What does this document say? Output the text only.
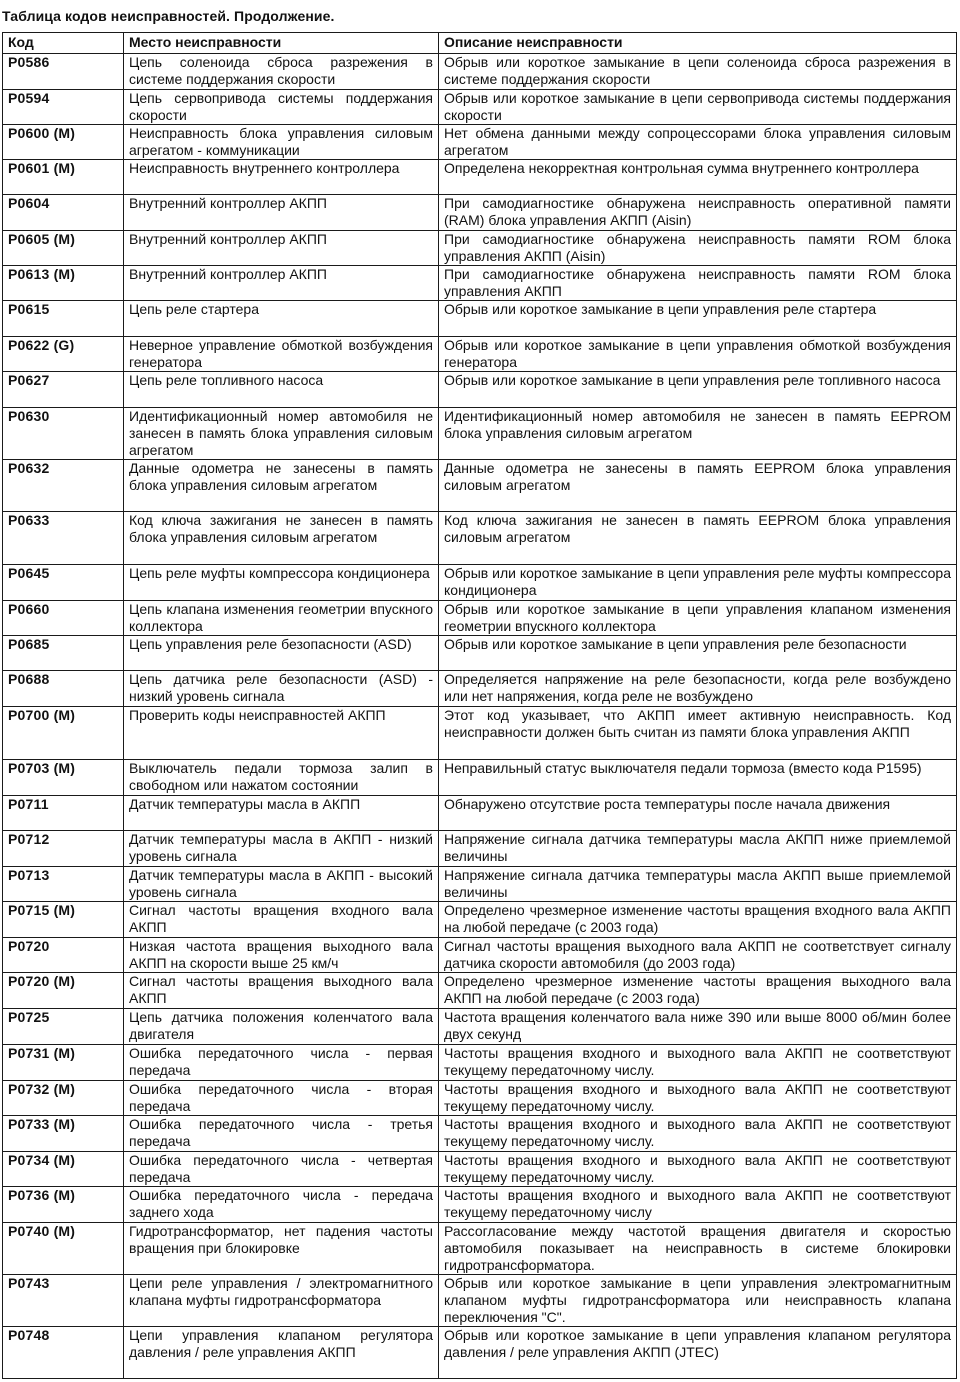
Таблица кодов неисправностей. Продолжение.
Код	Место неисправности	Описание неисправности
P0586	Цепь соленоида сброса разрежения в системе поддержания скорости	Обрыв или короткое замыкание в цепи соленоида сброса разрежения в системе поддержания скорости
P0594	Цепь сервопривода системы поддержания скорости	Обрыв или короткое замыкание в цепи сервопривода системы поддержания скорости
P0600 (M)	Неисправность блока управления силовым агрегатом - коммуникации	Нет обмена данными между сопроцессорами блока управления силовым агрегатом
P0601 (M)	Неисправность внутреннего контроллера	Определена некорректная контрольная сумма внутреннего контроллера
P0604	Внутренний контроллер АКПП	При самодиагностике обнаружена неисправность оперативной памяти (RAM) блока управления АКПП (Aisin)
P0605 (M)	Внутренний контроллер АКПП	При самодиагностике обнаружена неисправность памяти ROM блока управления АКПП (Aisin)
P0613 (M)	Внутренний контроллер АКПП	При самодиагностике обнаружена неисправность памяти ROM блока управления АКПП
P0615	Цепь реле стартера	Обрыв или короткое замыкание в цепи управления реле стартера
P0622 (G)	Неверное управление обмоткой возбуждения генератора	Обрыв или короткое замыкание в цепи управления обмоткой возбуждения генератора
P0627	Цепь реле топливного насоса	Обрыв или короткое замыкание в цепи управления реле топливного насоса
P0630	Идентификационный номер автомобиля не занесен в память блока управления силовым агрегатом	Идентификационный номер автомобиля не занесен в память EEPROM блока управления силовым агрегатом
P0632	Данные одометра не занесены в память блока управления силовым агрегатом	Данные одометра не занесены в память EEPROM блока управления силовым агрегатом
P0633	Код ключа зажигания не занесен в память блока управления силовым агрегатом	Код ключа зажигания не занесен в память EEPROM блока управления силовым агрегатом
P0645	Цепь реле муфты компрессора кондиционера	Обрыв или короткое замыкание в цепи управления реле муфты компрессора кондиционера
P0660	Цепь клапана изменения геометрии впускного коллектора	Обрыв или короткое замыкание в цепи управления клапаном изменения геометрии впускного коллектора
P0685	Цепь управления реле безопасности (ASD)	Обрыв или короткое замыкание в цепи управления реле безопасности
P0688	Цепь датчика реле безопасности (ASD) - низкий уровень сигнала	Определяется напряжение на реле безопасности, когда реле возбуждено или нет напряжения, когда реле не возбуждено
P0700 (M)	Проверить коды неисправностей АКПП	Этот код указывает, что АКПП имеет активную неисправность. Код неисправности должен быть считан из памяти блока управления АКПП
P0703 (M)	Выключатель педали тормоза залип в свободном или нажатом состоянии	Неправильный статус выключателя педали тормоза (вместо кода P1595)
P0711	Датчик температуры масла в АКПП	Обнаружено отсутствие роста температуры после начала движения
P0712	Датчик температуры масла в АКПП - низкий уровень сигнала	Напряжение сигнала датчика температуры масла АКПП ниже приемлемой величины
P0713	Датчик температуры масла в АКПП - высокий уровень сигнала	Напряжение сигнала датчика температуры масла АКПП выше приемлемой величины
P0715 (M)	Сигнал частоты вращения входного вала АКПП	Определено чрезмерное изменение частоты вращения входного вала АКПП на любой передаче (с 2003 года)
P0720	Низкая частота вращения выходного вала АКПП на скорости выше 25 км/ч	Сигнал частоты вращения выходного вала АКПП не соответствует сигналу датчика скорости автомобиля (до 2003 года)
P0720 (M)	Сигнал частоты вращения выходного вала АКПП	Определено чрезмерное изменение частоты вращения выходного вала АКПП на любой передаче (с 2003 года)
P0725	Цепь датчика положения коленчатого вала двигателя	Частота вращения коленчатого вала ниже 390 или выше 8000 об/мин более двух секунд
P0731 (M)	Ошибка передаточного числа - первая передача	Частоты вращения входного и выходного вала АКПП не соответствуют текущему передаточному числу.
P0732 (M)	Ошибка передаточного числа - вторая передача	Частоты вращения входного и выходного вала АКПП не соответствуют текущему передаточному числу.
P0733 (M)	Ошибка передаточного числа - третья передача	Частоты вращения входного и выходного вала АКПП не соответствуют текущему передаточному числу.
P0734 (M)	Ошибка передаточного числа - четвертая передача	Частоты вращения входного и выходного вала АКПП не соответствуют текущему передаточному числу.
P0736 (M)	Ошибка передаточного числа - передача заднего хода	Частоты вращения входного и выходного вала АКПП не соответствуют текущему передаточному числу
P0740 (M)	Гидротрансформатор, нет падения частоты вращения при блокировке	Рассогласование между частотой вращения двигателя и скоростью автомобиля показывает на неисправность в системе блокировки гидротрансформатора.
P0743	Цепи реле управления / электромагнитного клапана муфты гидротрансформатора	Обрыв или короткое замыкание в цепи управления электромагнитным клапаном муфты гидротрансформатора или неисправность клапана переключения "С".
P0748	Цепи управления клапаном регулятора давления / реле управления АКПП	Обрыв или короткое замыкание в цепи управления клапаном регулятора давления / реле управления АКПП (JTEC)
